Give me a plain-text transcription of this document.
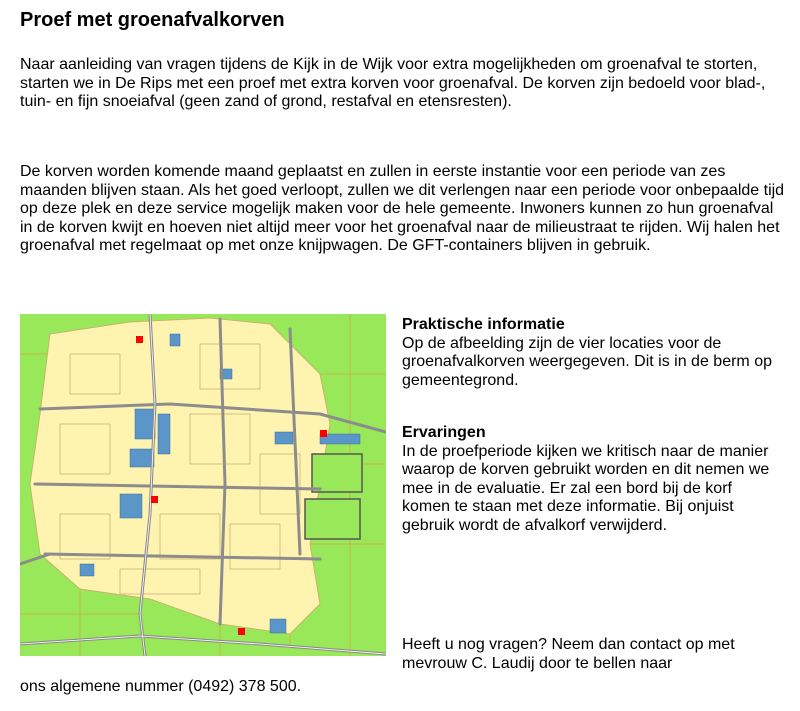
Proef met groenafvalkorven

Naar aanleiding van vragen tijdens de Kijk in de Wijk voor extra mogelijkheden om groenafval te storten, starten we in De Rips met een proef met extra korven voor groenafval. De korven zijn bedoeld voor blad-, tuin- en fijn snoeiafval (geen zand of grond, restafval en etensresten).

De korven worden komende maand geplaatst en zullen in eerste instantie voor een periode van zes maanden blijven staan. Als het goed verloopt, zullen we dit verlengen naar een periode voor onbepaalde tijd op deze plek en deze service mogelijk maken voor de hele gemeente. Inwoners kunnen zo hun groenafval in de korven kwijt en hoeven niet altijd meer voor het groenafval naar de milieustraat te rijden. Wij halen het groenafval met regelmaat op met onze knijpwagen. De GFT-containers blijven in gebruik.

Praktische informatie
Op de afbeelding zijn de vier locaties voor de groenafvalkorven weergegeven. Dit is in de berm op gemeentegrond.
Ervaringen
In de proefperiode kijken we kritisch naar de manier waarop de korven gebruikt worden en dit nemen we mee in de evaluatie. Er zal een bord bij de korf komen te staan met deze informatie. Bij onjuist gebruik wordt de afvalkorf verwijderd.

Heeft u nog vragen? Neem dan contact op met mevrouw C. Laudij door te bellen naar

ons algemene nummer (0492) 378 500.
